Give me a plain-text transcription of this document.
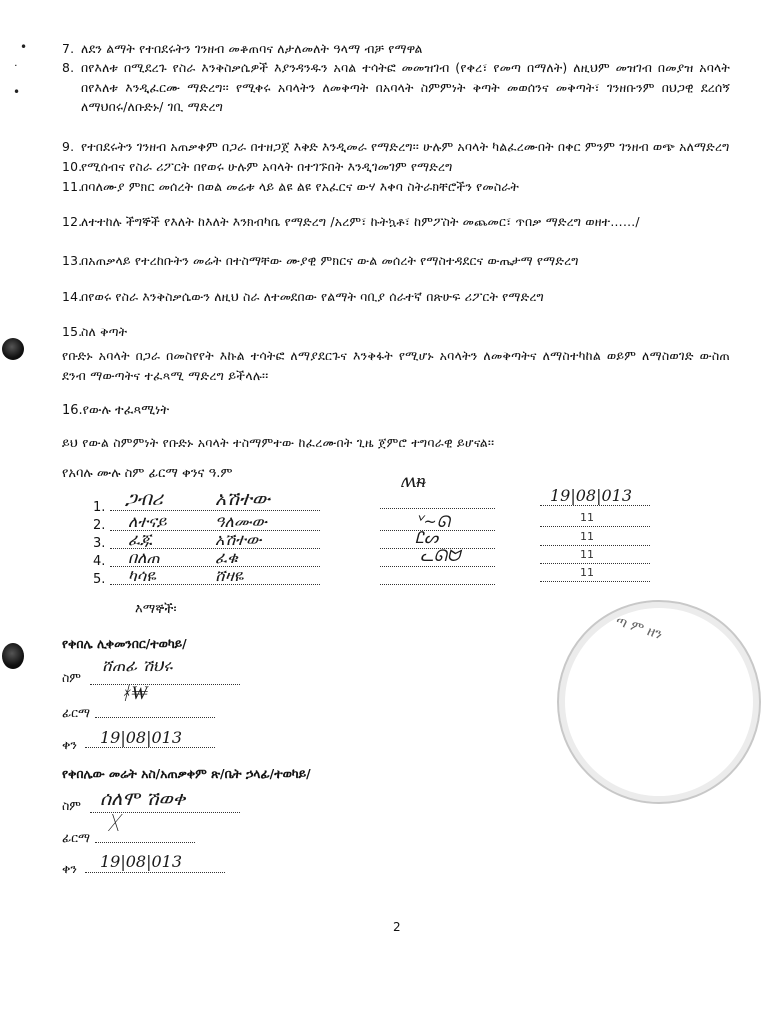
•
ᐧ
•
7. ለደን ልማት የተበደሩትን ገንዘብ መቆጠባና ለታለመለት ዓላማ ብቻ የማዋል
8. በየእለቱ በሚደረጉ የስራ እንቅስቃሴዎች እያንዳንዱን አባል ተሳትፎ መመዝገብ (የቀረ፣ የመጣ በማለት) ለዚህም መዝገብ በመያዝ አባላት በየእለቱ እንዲፈርሙ ማድረግ፡፡ የሚቀሩ አባላትን ለመቅጣት በአባላት ስምምነት ቅጣት መወሰንና መቅጣት፣ ገንዘቡንም በህጋዊ ደረሰኝ ለማህበሩ/ለቡድኑ/ ገቢ ማድረግ
9. የተበደሩትን ገንዘብ አጠቃቀም በጋራ በተዘጋጀ እቅድ እንዲመራ የማድረግ፡፡ ሁሉም አባላት ካልፈረሙበት በቀር ምንም ገንዘብ ወጭ አለማድረግ
10.
የሚሰብና የስራ ሪፖርት በየወሩ ሁሉም አባላት በተገኙበት እንዲገመገም የማድረግ
11.
በባለሙያ ምክር መሰረት በወል መሬቱ ላይ ልዩ ልዩ የአፈርና ውሃ እቀባ ስትራክቸሮችን የመስራት
12.
ለተተከሉ ችግኞች የእለት ከእለት እንክብካቤ የማድረግ /አረም፣ ኩትኳቶ፣ ከምፖስት መጨመር፣ ጥበቃ ማድረግ ወዘተ……/
13.
በአጠቃላይ የተረከቡትን መሬት በተስማቸው ሙያዊ ምክርና ውል መሰረት የማስተዳደርና ውጤታማ የማድረግ
14.
በየወሩ የስራ እንቅስቃሴውን ለዚህ ስራ ለተመደበው የልማት ባቢያ ሰራተኛ በጽሁፍ ሪፖርት የማድረግ
15.
ስለ ቅጣት
የቡድኑ አባላት በጋራ በመስየየት እኩል ተሳትፎ ለማያደርጉና እንቅፋት የሚሆኑ አባላትን ለመቅጣትና ለማስተካከል ወይም ለማስወገድ ውስጠ ደንብ ማውጣትና ተፈጻሚ ማድረግ ይችላሉ፡፡
16.የውሉ ተፈጻሚነት
ይህ የውል ስምምነት የቡድኑ አባላት ተስማምተው ከፈረሙበት ጊዜ ጀምሮ ተግባራዊ ይሆናል፡፡
የአባሉ ሙሉ ስም ፊርማ ቀንና ዓ.ም
1. ጋብሪ	አሽተው
ʍᵰ
19|08|013
2. ለተናይ	ዓለሙው	ᘁ~ᘏ	11
3. ፈጁ	አሽተው	Ꮭᔕ	11
4. በለጠ	ፈቁ	ᓚᘏᗢ	11
5. ካሳዬ	ሸዛዬ	11
እማኞች፡
ጣ ም ዘን
የቀበሌ ሊቀመንበር/ተወካይ/
ስም
ሸጠፊ ሽህሩ
ፊርማ
ᚼ₩
ቀን 19|08|013
የቀበሌው መሬት አስ/አጠቃቀም ጽ/ቤት ኃላፊ/ተወካይ/
ስም ሰለሞ ሽወቀ
ፊርማ
ᚷ
ቀን 19|08|013
2
